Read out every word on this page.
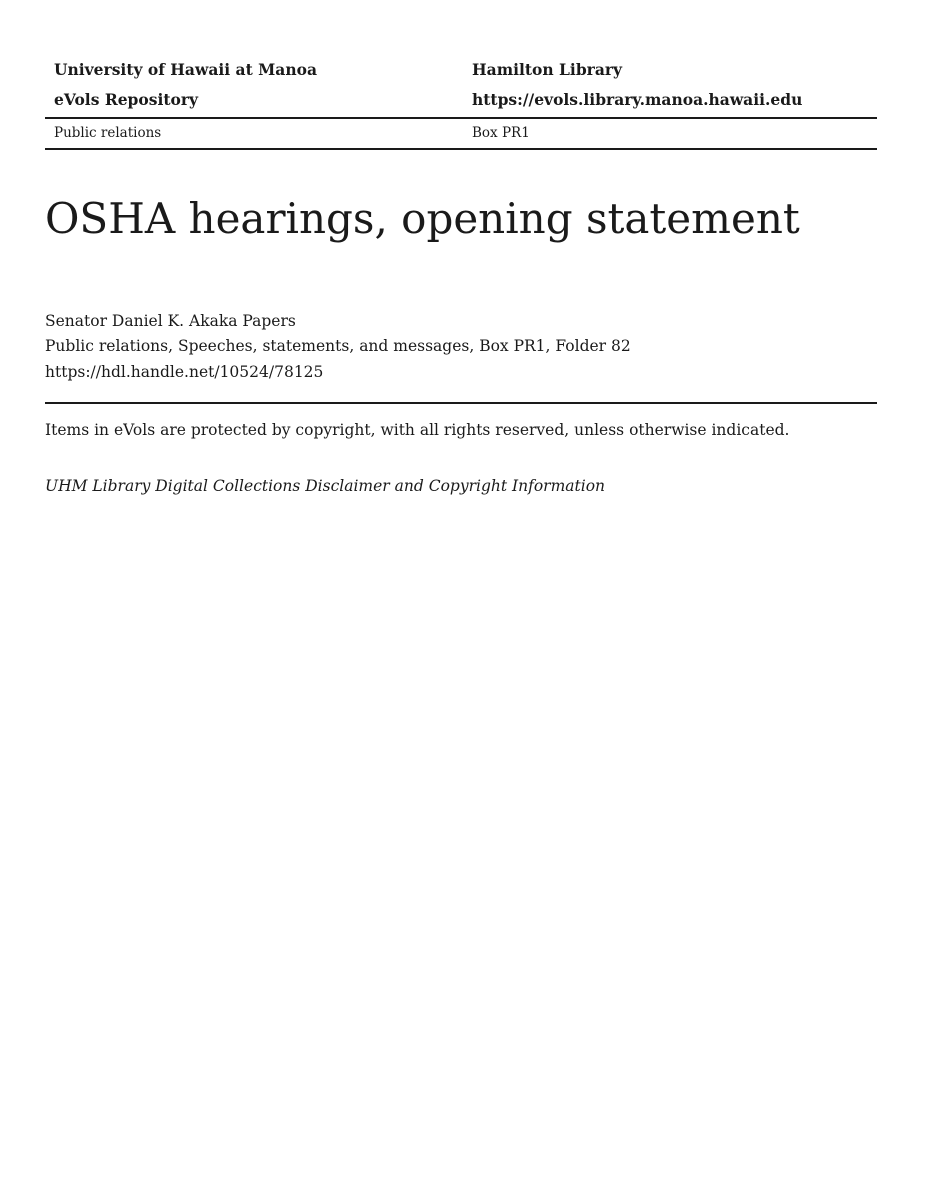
University of Hawaii at Manoa
eVols Repository
Hamilton Library
https://evols.library.manoa.hawaii.edu
Public relations	Box PR1
OSHA hearings, opening statement
Senator Daniel K. Akaka Papers
Public relations, Speeches, statements, and messages, Box PR1, Folder 82
https://hdl.handle.net/10524/78125

Items in eVols are protected by copyright, with all rights reserved, unless otherwise indicated.

UHM Library Digital Collections Disclaimer and Copyright Information
